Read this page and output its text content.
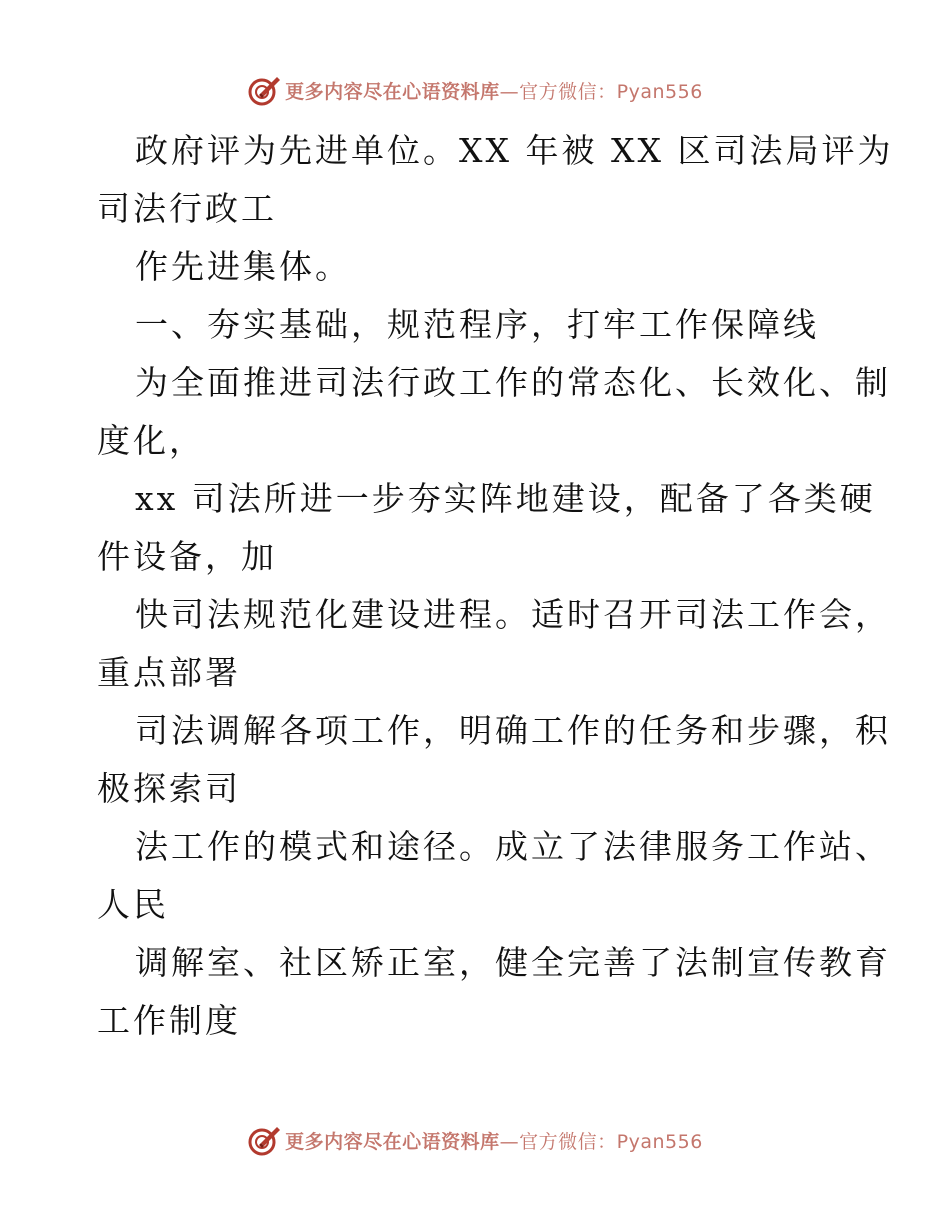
更多内容尽在心语资料库—官方微信：Pyan556
政府评为先进单位。XX 年被 XX 区司法局评为
司法行政工
作先进集体。
一、夯实基础，规范程序，打牢工作保障线
为全面推进司法行政工作的常态化、长效化、制
度化，
xx 司法所进一步夯实阵地建设，配备了各类硬
件设备，加
快司法规范化建设进程。适时召开司法工作会，
重点部署
司法调解各项工作，明确工作的任务和步骤，积
极探索司
法工作的模式和途径。成立了法律服务工作站、
人民
调解室、社区矫正室，健全完善了法制宣传教育
工作制度
更多内容尽在心语资料库—官方微信：Pyan556
